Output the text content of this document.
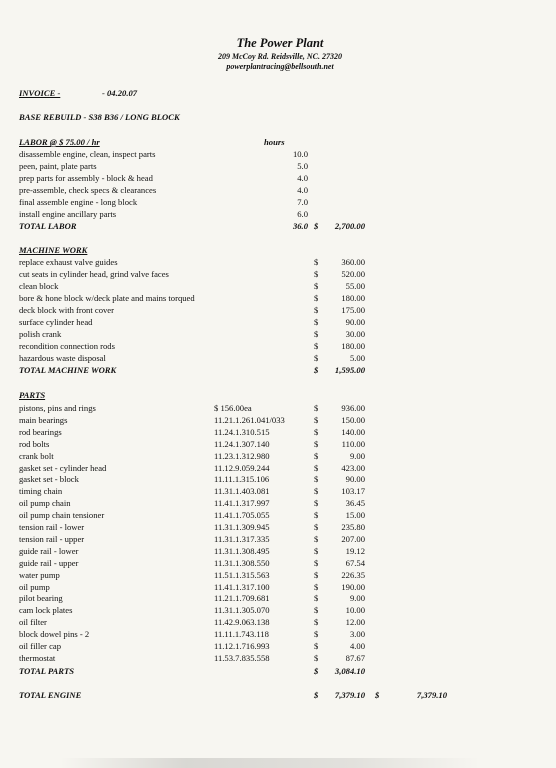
The Power Plant
209 McCoy Rd. Reidsville, NC. 27320
powerplantracing@bellsouth.net
INVOICE -	- 04.20.07
BASE REBUILD - S38 B36 / LONG BLOCK
LABOR @ $ 75.00 / hr	hours
disassemble engine, clean, inspect parts	10.0
peen, paint, plate parts	5.0
prep parts for assembly - block & head	4.0
pre-assemble, check specs & clearances	4.0
final assemble engine - long block	7.0
install engine ancillary parts	6.0
TOTAL LABOR	36.0 $	2,700.00
MACHINE WORK
replace exhaust valve guides	$	360.00
cut seats in cylinder head, grind valve faces	$	520.00
clean block	$	55.00
bore & hone block w/deck plate and mains torqued	$	180.00
deck block with front cover	$	175.00
surface cylinder head	$	90.00
polish crank	$	30.00
recondition connection rods	$	180.00
hazardous waste disposal	$	5.00
TOTAL MACHINE WORK	$	1,595.00
PARTS
pistons, pins and rings	$ 156.00ea	$	936.00
main bearings	11.21.1.261.041/033	$	150.00
rod bearings	11.24.1.310.515	$	140.00
rod bolts	11.24.1.307.140	$	110.00
crank bolt	11.23.1.312.980	$	9.00
gasket set - cylinder head	11.12.9.059.244	$	423.00
gasket set - block	11.11.1.315.106	$	90.00
timing chain	11.31.1.403.081	$	103.17
oil pump chain	11.41.1.317.997	$	36.45
oil pump chain tensioner	11.41.1.705.055	$	15.00
tension rail - lower	11.31.1.309.945	$	235.80
tension rail - upper	11.31.1.317.335	$	207.00
guide rail - lower	11.31.1.308.495	$	19.12
guide rail - upper	11.31.1.308.550	$	67.54
water pump	11.51.1.315.563	$	226.35
oil pump	11.41.1.317.100	$	190.00
pilot bearing	11.21.1.709.681	$	9.00
cam lock plates	11.31.1.305.070	$	10.00
oil filter	11.42.9.063.138	$	12.00
block dowel pins - 2	11.11.1.743.118	$	3.00
oil filler cap	11.12.1.716.993	$	4.00
thermostat	11.53.7.835.558	$	87.67
TOTAL PARTS	$	3,084.10
TOTAL ENGINE	$	7,379.10 $	7,379.10
